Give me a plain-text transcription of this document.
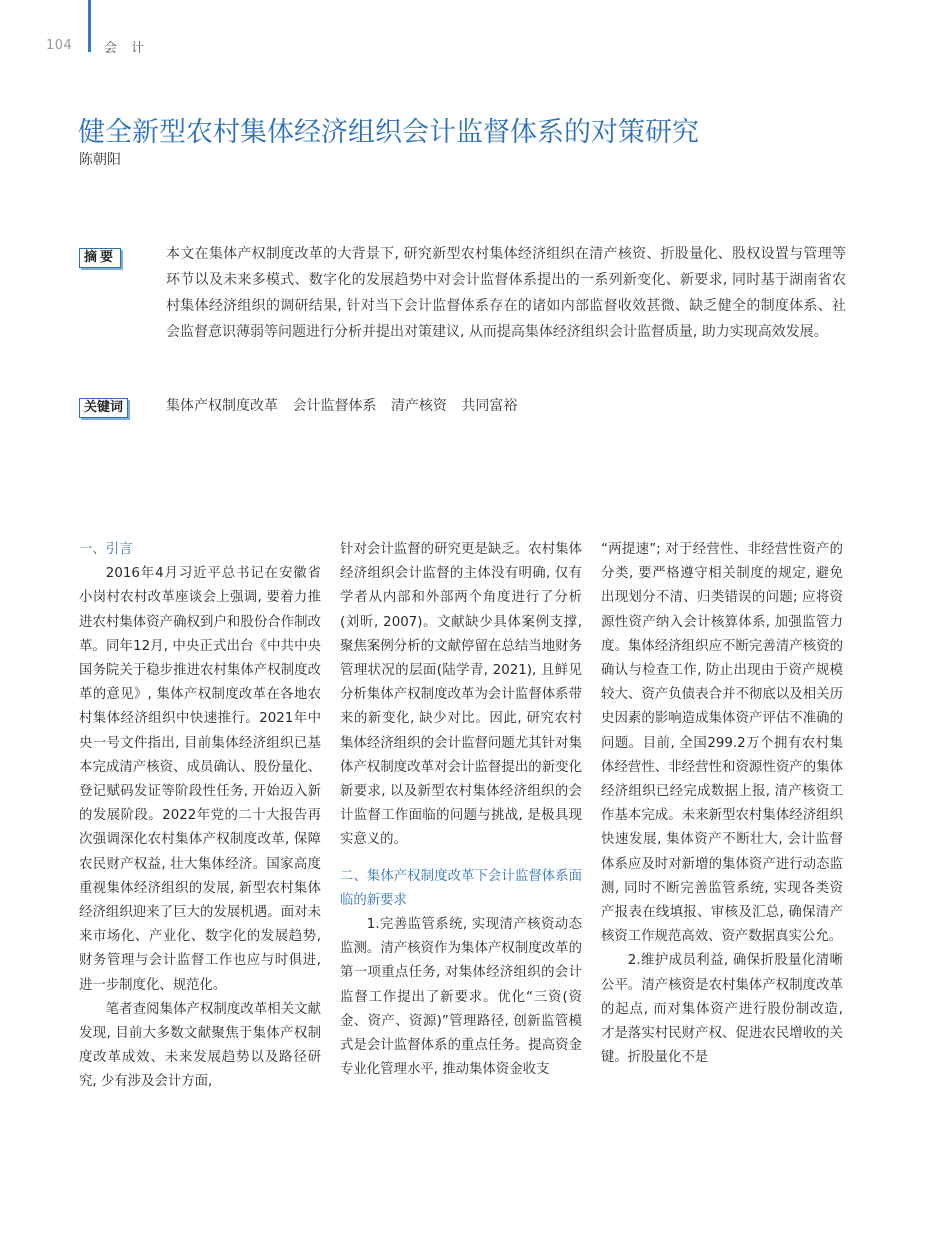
104 会 计
健全新型农村集体经济组织会计监督体系的对策研究
陈朝阳
摘要	本文在集体产权制度改革的大背景下, 研究新型农村集体经济组织在清产核资、折股量化、股权设置与管理等环节以及未来多模式、数字化的发展趋势中对会计监督体系提出的一系列新变化、新要求, 同时基于湖南省农村集体经济组织的调研结果, 针对当下会计监督体系存在的诸如内部监督收效甚微、缺乏健全的制度体系、社会监督意识薄弱等问题进行分析并提出对策建议, 从而提高集体经济组织会计监督质量, 助力实现高效发展。

关键词	集体产权制度改革 会计监督体系 清产核资 共同富裕

一、引言

2016年4月习近平总书记在安徽省小岗村农村改革座谈会上强调, 要着力推进农村集体资产确权到户和股份合作制改革。同年12月, 中央正式出台《中共中央国务院关于稳步推进农村集体产权制度改革的意见》, 集体产权制度改革在各地农村集体经济组织中快速推行。2021年中央一号文件指出, 目前集体经济组织已基本完成清产核资、成员确认、股份量化、登记赋码发证等阶段性任务, 开始迈入新的发展阶段。2022年党的二十大报告再次强调深化农村集体产权制度改革, 保障农民财产权益, 壮大集体经济。国家高度重视集体经济组织的发展, 新型农村集体经济组织迎来了巨大的发展机遇。面对未来市场化、产业化、数字化的发展趋势, 财务管理与会计监督工作也应与时俱进, 进一步制度化、规范化。

笔者查阅集体产权制度改革相关文献发现, 目前大多数文献聚焦于集体产权制度改革成效、未来发展趋势以及路径研究, 少有涉及会计方面,

针对会计监督的研究更是缺乏。农村集体经济组织会计监督的主体没有明确, 仅有学者从内部和外部两个角度进行了分析(刘昕, 2007)。文献缺少具体案例支撑, 聚焦案例分析的文献停留在总结当地财务管理状况的层面(陆学青, 2021), 且鲜见分析集体产权制度改革为会计监督体系带来的新变化, 缺少对比。因此, 研究农村集体经济组织的会计监督问题尤其针对集体产权制度改革对会计监督提出的新变化新要求, 以及新型农村集体经济组织的会计监督工作面临的问题与挑战, 是极具现实意义的。

二、集体产权制度改革下会计监督体系面临的新要求

1.完善监管系统, 实现清产核资动态监测。清产核资作为集体产权制度改革的第一项重点任务, 对集体经济组织的会计监督工作提出了新要求。优化“三资(资金、资产、资源)”管理路径, 创新监管模式是会计监督体系的重点任务。提高资金专业化管理水平, 推动集体资金收支

“两提速”; 对于经营性、非经营性资产的分类, 要严格遵守相关制度的规定, 避免出现划分不清、归类错误的问题; 应将资源性资产纳入会计核算体系, 加强监管力度。集体经济组织应不断完善清产核资的确认与检查工作, 防止出现由于资产规模较大、资产负债表合并不彻底以及相关历史因素的影响造成集体资产评估不准确的问题。目前, 全国299.2万个拥有农村集体经营性、非经营性和资源性资产的集体经济组织已经完成数据上报, 清产核资工作基本完成。未来新型农村集体经济组织快速发展, 集体资产不断壮大, 会计监督体系应及时对新增的集体资产进行动态监测, 同时不断完善监管系统, 实现各类资产报表在线填报、审核及汇总, 确保清产核资工作规范高效、资产数据真实公允。

2.维护成员利益, 确保折股量化清晰公平。清产核资是农村集体产权制度改革的起点, 而对集体资产进行股份制改造, 才是落实村民财产权、促进农民增收的关键。折股量化不是
